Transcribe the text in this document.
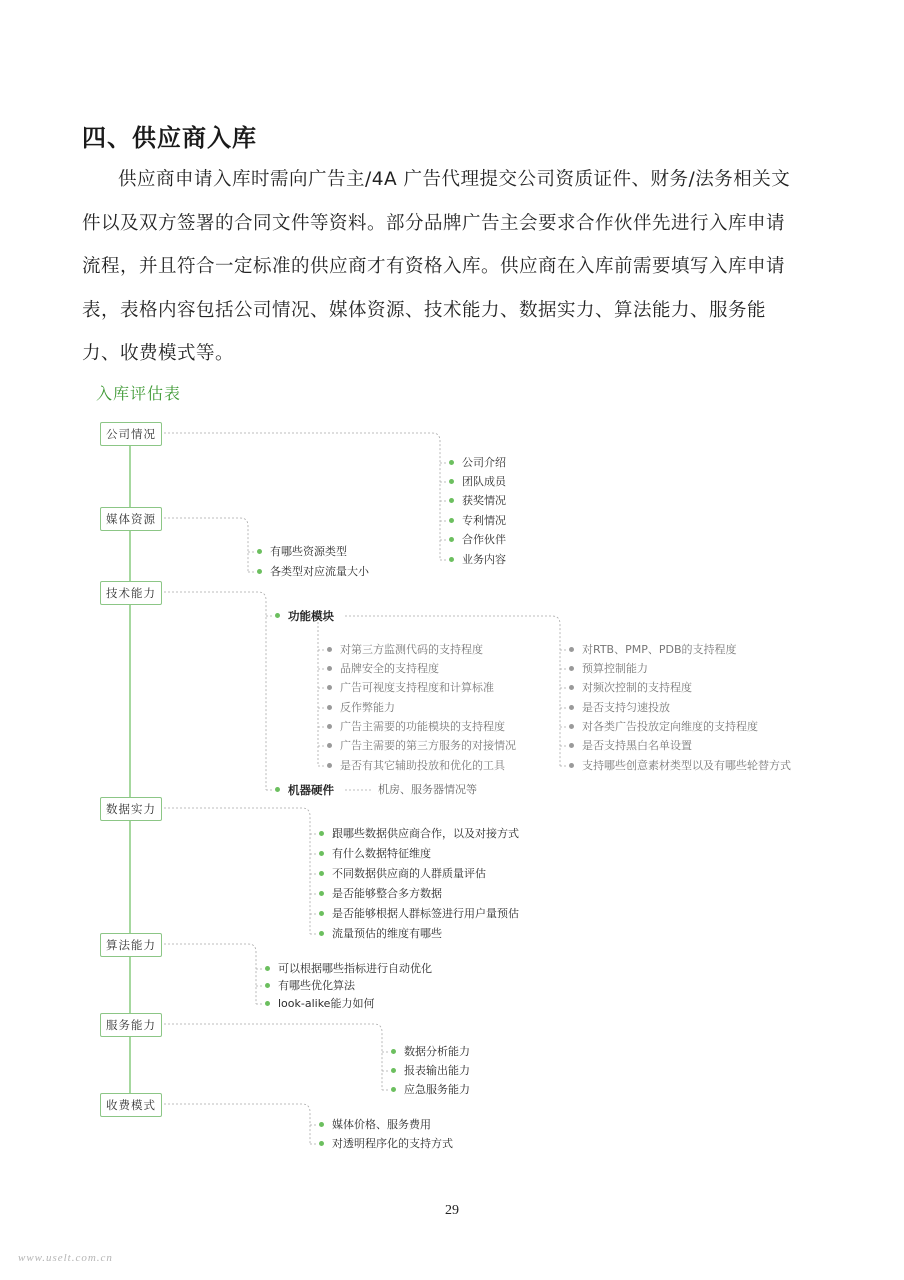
四、供应商入库

供应商申请入库时需向广告主/4A 广告代理提交公司资质证件、财务/法务相关文

件以及双方签署的合同文件等资料。部分品牌广告主会要求合作伙伴先进行入库申请

流程，并且符合一定标准的供应商才有资格入库。供应商在入库前需要填写入库申请

表，表格内容包括公司情况、媒体资源、技术能力、数据实力、算法能力、服务能

力、收费模式等。

入库评估表
公司情况
媒体资源
技术能力
数据实力
算法能力
服务能力
收费模式
公司介绍
团队成员
获奖情况
专利情况
合作伙伴
业务内容
有哪些资源类型
各类型对应流量大小
功能模块
对第三方监测代码的支持程度
品牌安全的支持程度
广告可视度支持程度和计算标准
反作弊能力
广告主需要的功能模块的支持程度
广告主需要的第三方服务的对接情况
是否有其它辅助投放和优化的工具
对RTB、PMP、PDB的支持程度
预算控制能力
对频次控制的支持程度
是否支持匀速投放
对各类广告投放定向维度的支持程度
是否支持黑白名单设置
支持哪些创意素材类型以及有哪些轮替方式
机器硬件	机房、服务器情况等
跟哪些数据供应商合作，以及对接方式
有什么数据特征维度
不同数据供应商的人群质量评估
是否能够整合多方数据
是否能够根据人群标签进行用户量预估
流量预估的维度有哪些
可以根据哪些指标进行自动优化
有哪些优化算法
look-alike能力如何
数据分析能力
报表输出能力
应急服务能力
媒体价格、服务费用
对透明程序化的支持方式
29
www.uselt.com.cn
